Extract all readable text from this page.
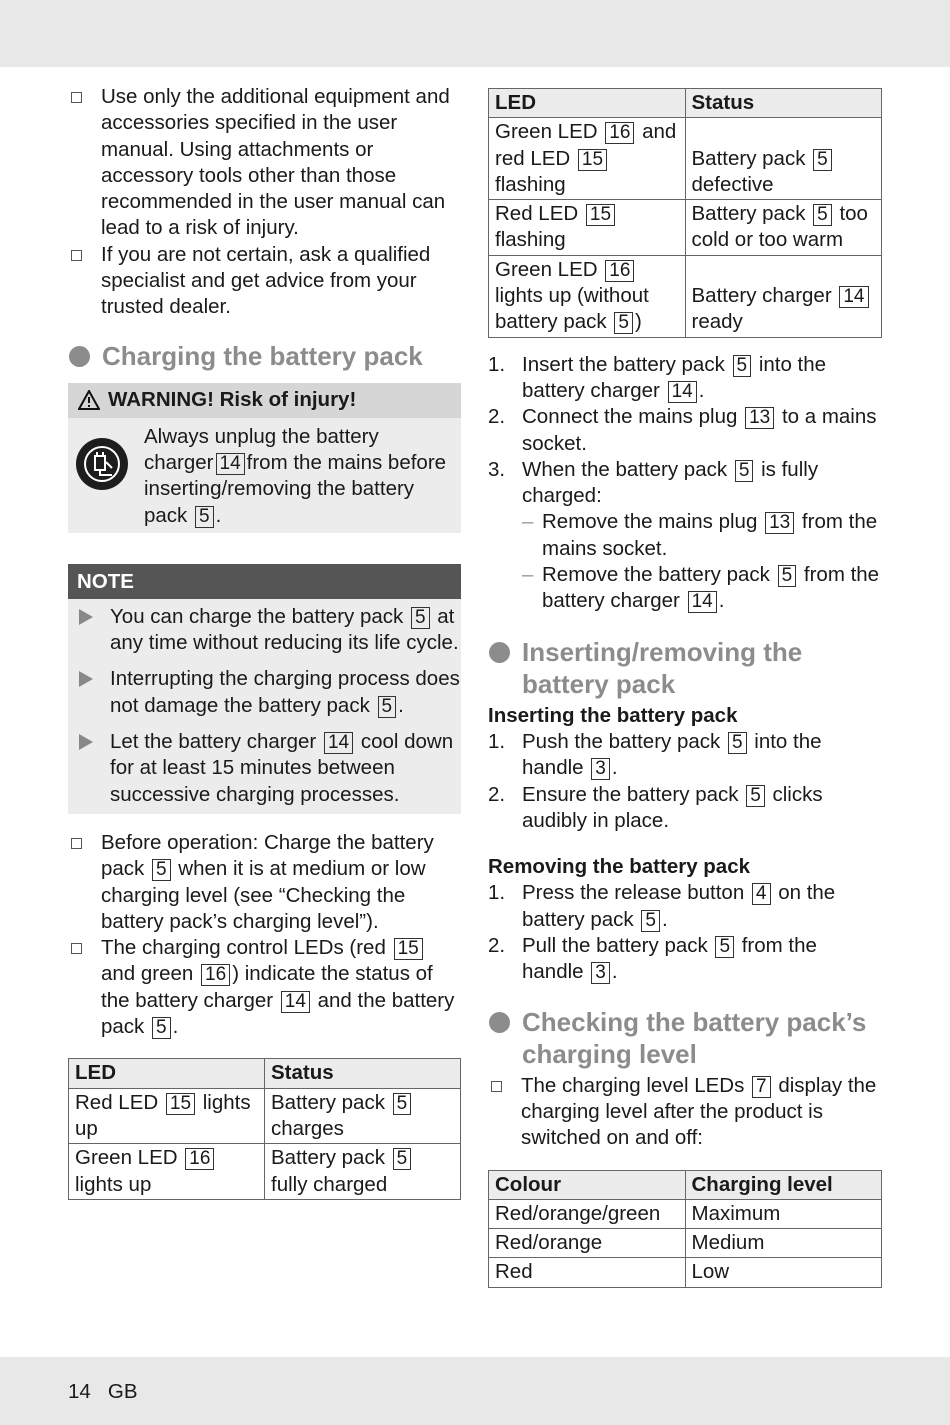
Use only the additional equipment and accessories specified in the user manual. Using attachments or accessory tools other than those recommended in the user manual can lead to a risk of injury.

If you are not certain, ask a qualified specialist and get advice from your trusted dealer.

Charging the battery pack
WARNING! Risk of injury!

Always unplug the battery charger 14 from the mains before inserting/removing the battery pack 5 .

NOTE

You can charge the battery pack 5 at any time without reducing its life cycle.

Interrupting the charging process does not damage the battery pack 5 .

Let the battery charger 14 cool down for at least 15 minutes between successive charging processes.

Before operation: Charge the battery pack 5 when it is at medium or low charging level (see “Checking the battery pack’s charging level”).

The charging control LEDs (red 15 and green 16 ) indicate the status of the battery charger 14 and the battery pack 5 .

LED	Status
Red LED 15 lights up	Battery pack 5 charges
Green LED 16 lights up	Battery pack 5 fully charged
LED	Status
Green LED 16 and red LED 15 flashing	Battery pack 5 defective
Red LED 15 flashing	Battery pack 5 too cold or too warm
Green LED 16 lights up (without battery pack 5 )	Battery charger 14 ready
1. Insert the battery pack 5 into the battery charger 14 .
2. Connect the mains plug 13 to a mains socket.
3. When the battery pack 5 is fully charged:

– Remove the mains plug 13 from the mains socket.

– Remove the battery pack 5 from the battery charger 14 .

Inserting/removing the battery pack

Inserting the battery pack

1. Push the battery pack 5 into the handle 3 .
2. Ensure the battery pack 5 clicks audibly in place.

Removing the battery pack

1. Press the release button 4 on the battery pack 5 .
2. Pull the battery pack 5 from the handle 3 .
Checking the battery pack’s charging level

The charging level LEDs 7 display the charging level after the product is switched on and off:

Colour	Charging level
Red/orange/green	Maximum
Red/orange	Medium
Red	Low
14   GB
